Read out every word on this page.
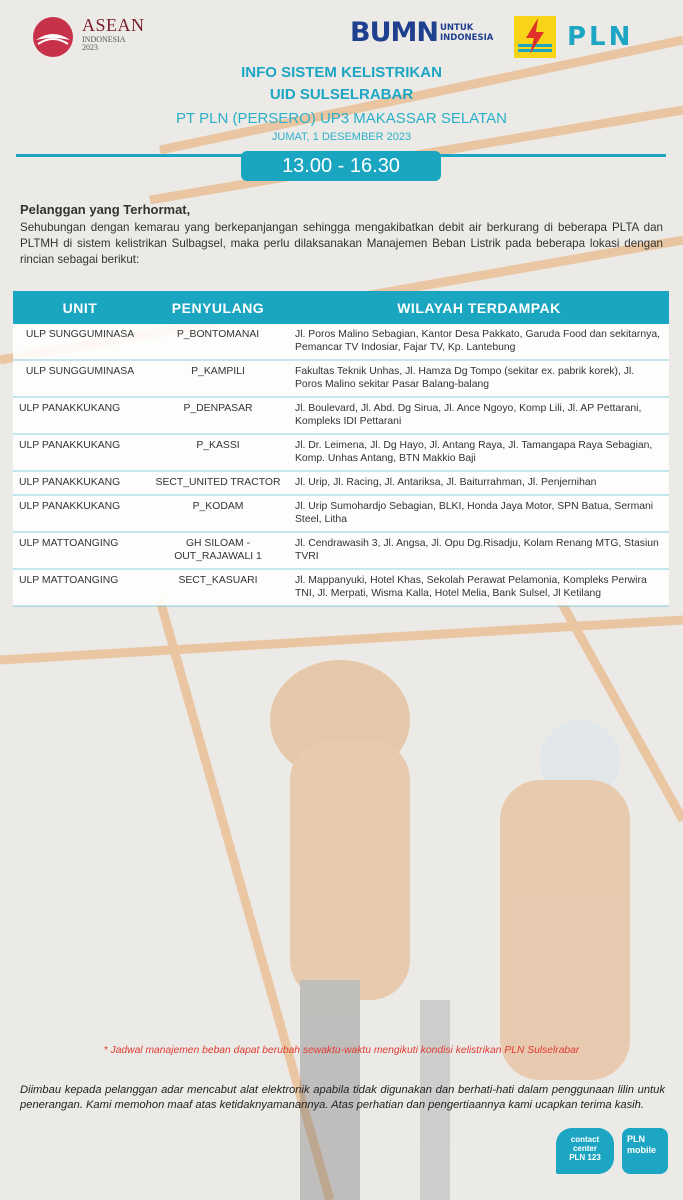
ASEAN
INDONESIA
2023	BUMN UNTUK
INDONESIA	PLN
INFO SISTEM KELISTRIKAN
UID SULSELRABAR
PT PLN (PERSERO) UP3 MAKASSAR SELATAN
JUMAT, 1 DESEMBER 2023
13.00 - 16.30
Pelanggan yang Terhormat,
Sehubungan dengan kemarau yang berkepanjangan sehingga mengakibatkan debit air berkurang di beberapa PLTA dan PLTMH di sistem kelistrikan Sulbagsel, maka perlu dilaksanakan Manajemen Beban Listrik pada beberapa lokasi dengan rincian sebagai berikut:
UNIT	PENYULANG	WILAYAH TERDAMPAK
ULP SUNGGUMINASA	P_BONTOMANAI	Jl. Poros Malino Sebagian, Kantor Desa Pakkato, Garuda Food dan sekitarnya, Pemancar TV Indosiar, Fajar TV, Kp. Lantebung
ULP SUNGGUMINASA	P_KAMPILI	Fakultas Teknik Unhas, Jl. Hamza Dg Tompo (sekitar ex. pabrik korek), Jl. Poros Malino sekitar Pasar Balang-balang
ULP PANAKKUKANG	P_DENPASAR	Jl. Boulevard, Jl. Abd. Dg Sirua, Jl. Ance Ngoyo, Komp Lili, Jl. AP Pettarani, Kompleks IDI Pettarani
ULP PANAKKUKANG	P_KASSI	Jl. Dr. Leimena, Jl. Dg Hayo, Jl. Antang Raya, Jl. Tamangapa Raya Sebagian, Komp. Unhas Antang, BTN Makkio Baji
ULP PANAKKUKANG	SECT_UNITED TRACTOR	Jl. Urip, Jl. Racing, Jl. Antariksa, Jl. Baiturrahman, Jl. Penjernihan
ULP PANAKKUKANG	P_KODAM	Jl. Urip Sumohardjo Sebagian, BLKI, Honda Jaya Motor, SPN Batua, Sermani Steel, Litha
ULP MATTOANGING	GH SILOAM - OUT_RAJAWALI 1	Jl. Cendrawasih 3, Jl. Angsa, Jl. Opu Dg.Risadju, Kolam Renang MTG, Stasiun TVRI
ULP MATTOANGING	SECT_KASUARI	Jl. Mappanyuki, Hotel Khas, Sekolah Perawat Pelamonia, Kompleks Perwira TNI, Jl. Merpati, Wisma Kalla, Hotel Melia, Bank Sulsel, Jl Ketilang
* Jadwal manajemen beban dapat berubah sewaktu-waktu mengikuti kondisi kelistrikan PLN Sulselrabar
Diimbau kepada pelanggan adar mencabut alat elektronik apabila tidak digunakan dan berhati-hati dalam penggunaan lilin untuk penerangan. Kami memohon maaf atas ketidaknyamanannya. Atas perhatian dan pengertiaannya kami ucapkan terima kasih.
contact
center
PLN 123
PLN
mobile
